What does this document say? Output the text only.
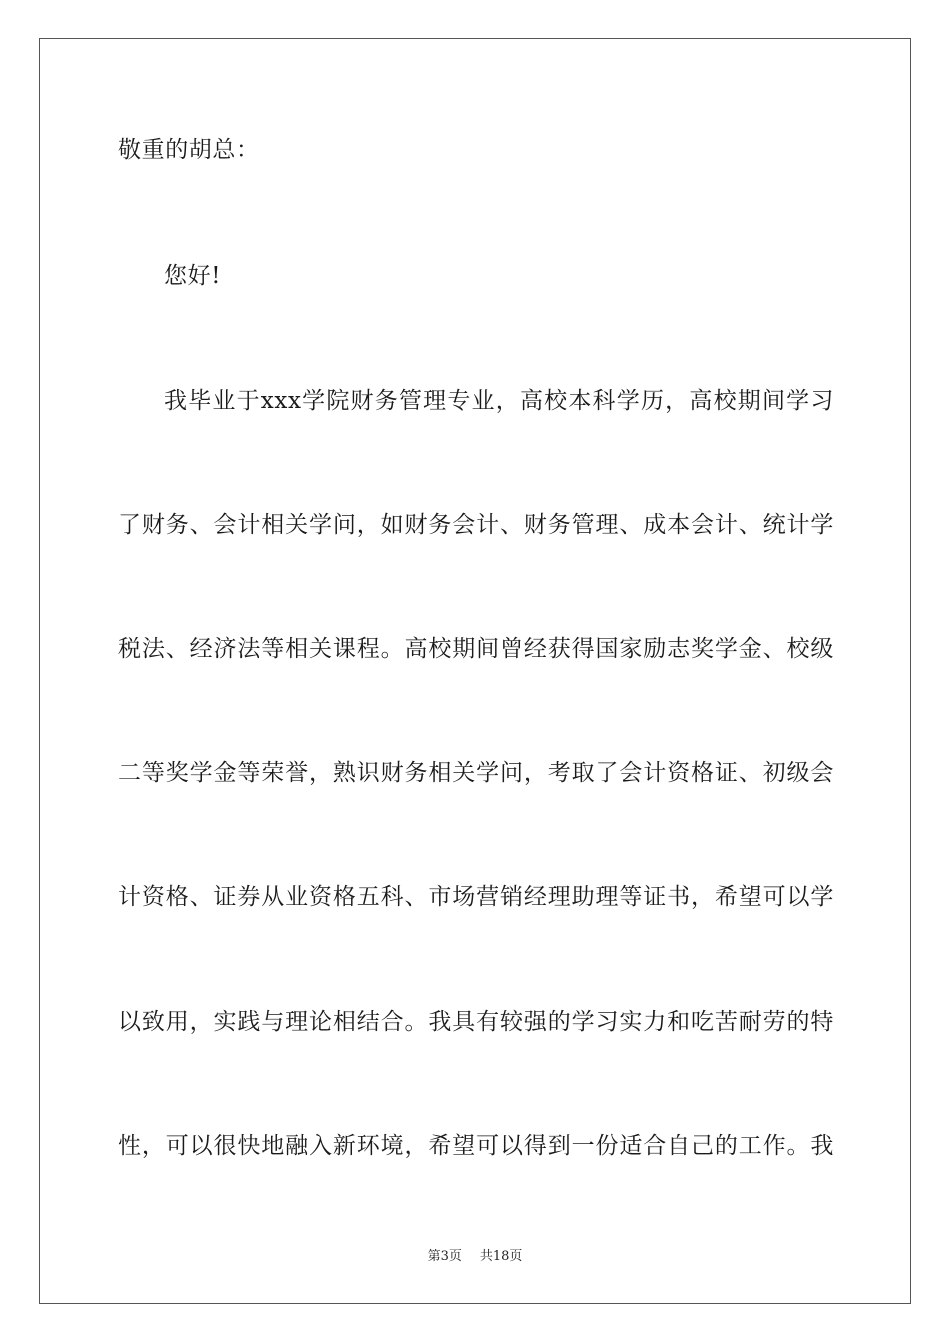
敬重的胡总：
您好!
我毕业于xxx学院财务管理专业，高校本科学历，高校期间学习
了财务、会计相关学问，如财务会计、财务管理、成本会计、统计学
税法、经济法等相关课程。高校期间曾经获得国家励志奖学金、校级
二等奖学金等荣誉，熟识财务相关学问，考取了会计资格证、初级会
计资格、证券从业资格五科、市场营销经理助理等证书，希望可以学
以致用，实践与理论相结合。我具有较强的学习实力和吃苦耐劳的特
性，可以很快地融入新环境，希望可以得到一份适合自己的工作。我
第3页 共18页
